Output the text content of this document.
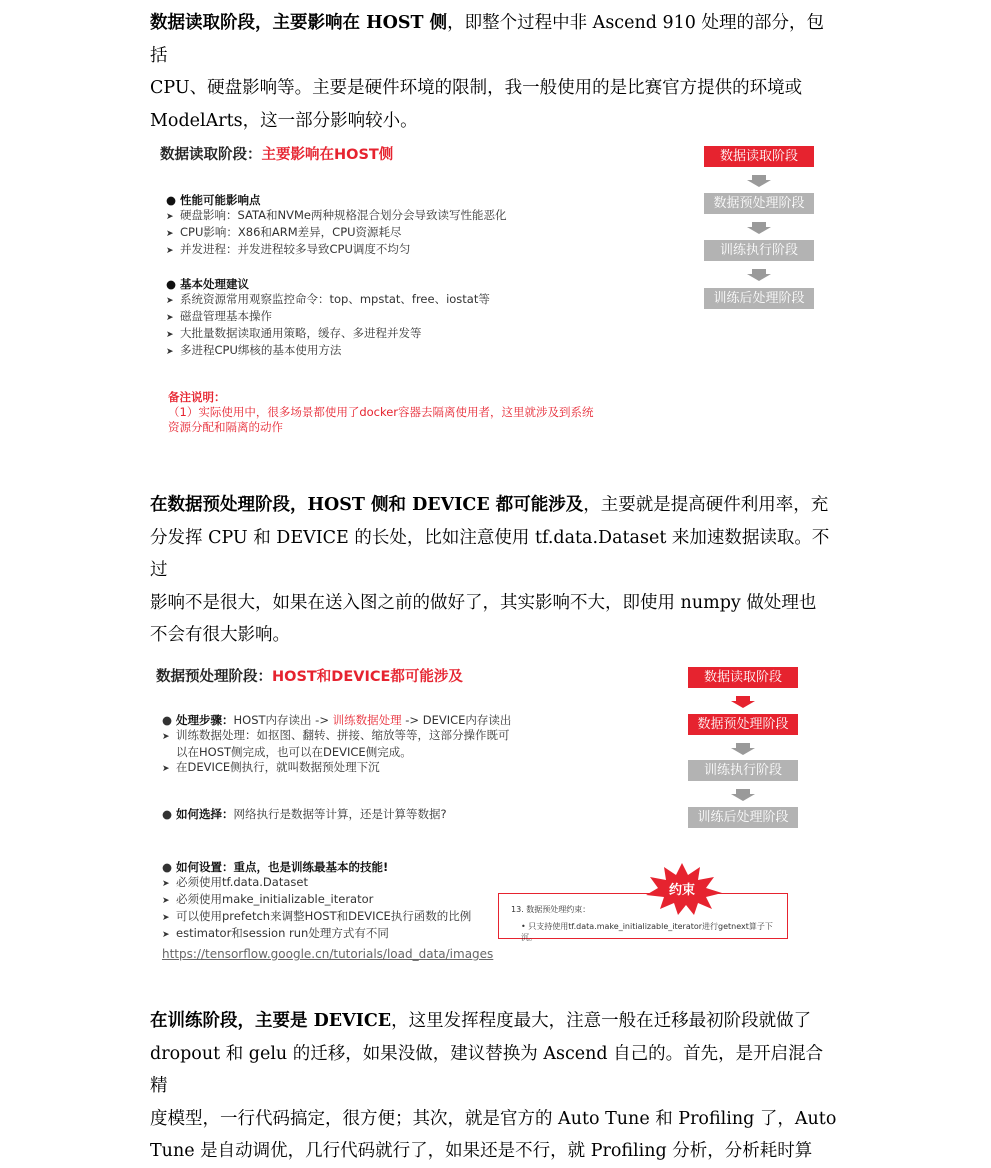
数据读取阶段，主要影响在 HOST 侧，即整个过程中非 Ascend 910 处理的部分，包括
CPU、硬盘影响等。主要是硬件环境的限制，我一般使用的是比赛官方提供的环境或
ModelArts，这一部分影响较小。
数据读取阶段：主要影响在HOST侧
● 性能可能影响点
➤ 硬盘影响：SATA和NVMe两种规格混合划分会导致读写性能恶化
➤ CPU影响：X86和ARM差异，CPU资源耗尽
➤ 并发进程：并发进程较多导致CPU调度不均匀
● 基本处理建议
➤ 系统资源常用观察监控命令：top、mpstat、free、iostat等
➤ 磁盘管理基本操作
➤ 大批量数据读取通用策略，缓存、多进程并发等
➤ 多进程CPU绑核的基本使用方法
备注说明：
（1）实际使用中，很多场景都使用了docker容器去隔离使用者，这里就涉及到系统
资源分配和隔离的动作
数据读取阶段
数据预处理阶段
训练执行阶段
训练后处理阶段
在数据预处理阶段，HOST 侧和 DEVICE 都可能涉及，主要就是提高硬件利用率，充
分发挥 CPU 和 DEVICE 的长处，比如注意使用 tf.data.Dataset 来加速数据读取。不过
影响不是很大，如果在送入图之前的做好了，其实影响不大，即使用 numpy 做处理也
不会有很大影响。
数据预处理阶段：HOST和DEVICE都可能涉及
● 处理步骤：HOST内存读出 -> 训练数据处理 -> DEVICE内存读出
➤ 训练数据处理：如抠图、翻转、拼接、缩放等等，这部分操作既可
以在HOST侧完成，也可以在DEVICE侧完成。
➤ 在DEVICE侧执行，就叫数据预处理下沉
● 如何选择：网络执行是数据等计算，还是计算等数据?
● 如何设置：重点，也是训练最基本的技能!
➤ 必须使用tf.data.Dataset
➤ 必须使用make_initializable_iterator
➤ 可以使用prefetch来调整HOST和DEVICE执行函数的比例
➤ estimator和session run处理方式有不同
https://tensorflow.google.cn/tutorials/load_data/images
13. 数据预处理约束：
• 只支持使用tf.data.make_initializable_iterator进行getnext算子下沉。
约束
数据读取阶段
数据预处理阶段
训练执行阶段
训练后处理阶段
在训练阶段，主要是 DEVICE，这里发挥程度最大，注意一般在迁移最初阶段就做了
dropout 和 gelu 的迁移，如果没做，建议替换为 Ascend 自己的。首先，是开启混合精
度模型，一行代码搞定，很方便；其次，就是官方的 Auto Tune 和 Profiling 了，Auto
Tune 是自动调优，几行代码就行了，如果还是不行，就 Profiling 分析，分析耗时算
